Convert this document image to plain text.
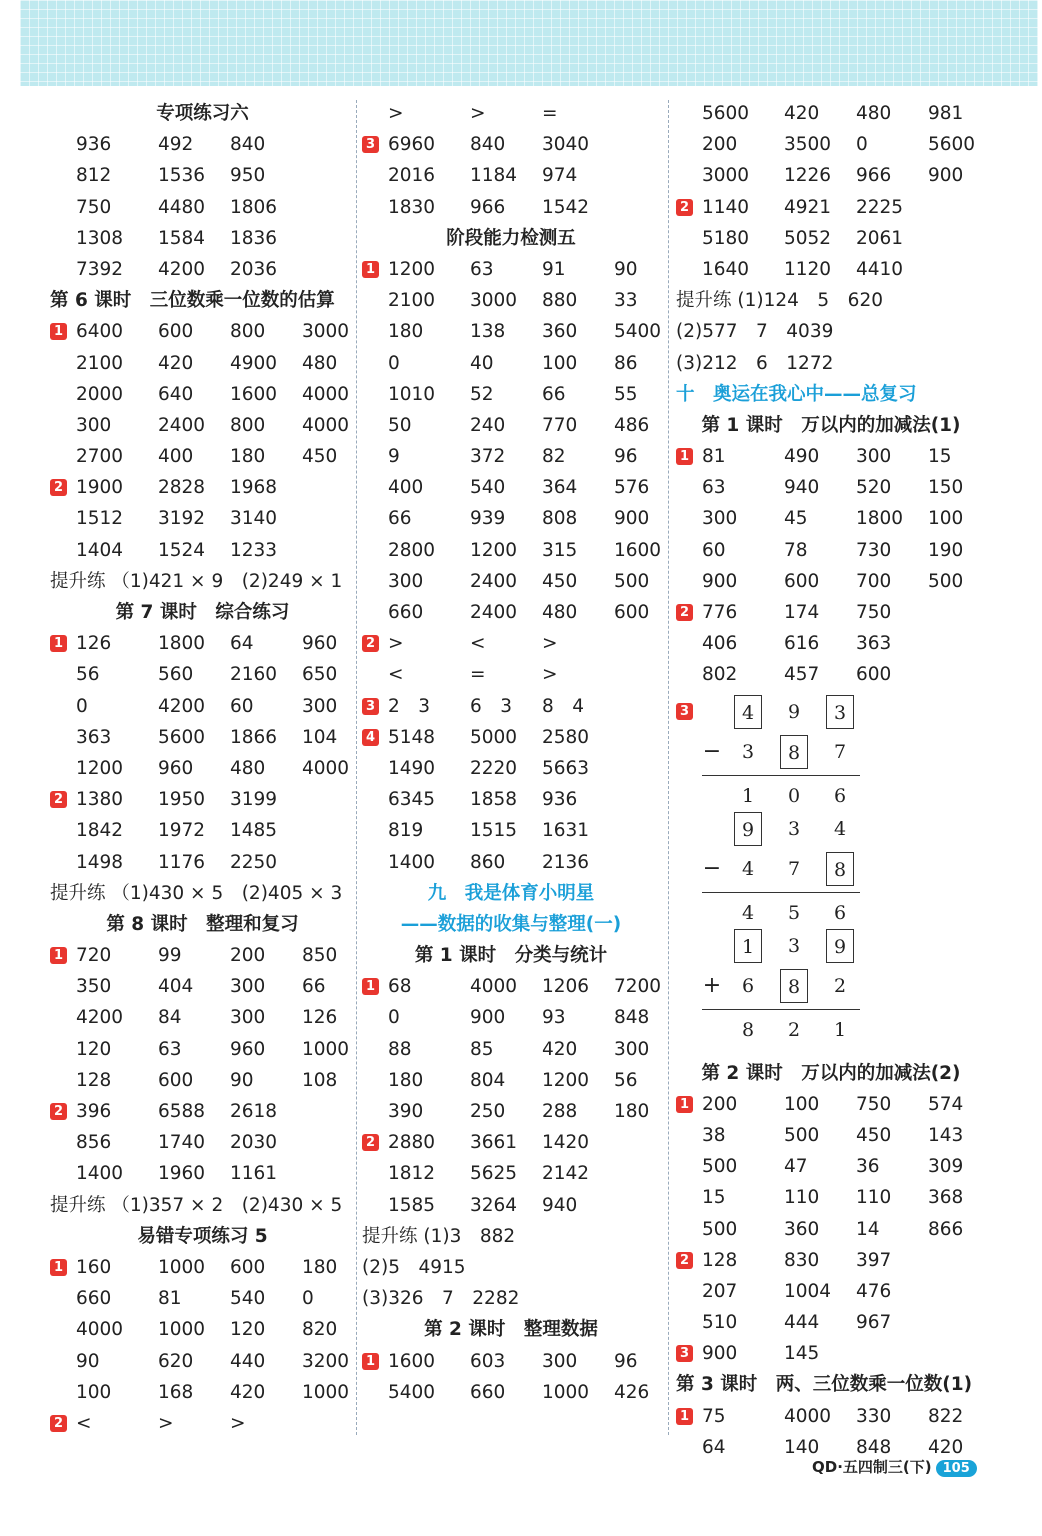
专项练习六
936	492 840
812	1536 950
750	4480 1806
1308 1584 1836
7392 4200 2036
第 6 课时　三位数乘一位数的估算
1 6400 600 800 3000
2100 420 4900 480
2000 640 1600 4000
300	2400 800 4000
2700 400 180 450
2 1900 2828 1968
1512 3192 3140
1404 1524 1233
提升练 （1)421 × 9　(2)249 × 1
第 7 课时　综合练习
1 126	1800 64	960
56	560 2160 650
0	4200 60	300
363	5600 1866 104
1200 960 480 4000
2 1380 1950 3199
1842 1972 1485
1498 1176 2250
提升练 （1)430 × 5　(2)405 × 3
第 8 课时　整理和复习
1 720	99	200 850
350	404 300 66
4200 84	300 126
120	63	960 1000
128	600 90	108
2 396	6588 2618
856	1740 2030
1400 1960 1161
提升练 （1)357 × 2　(2)430 × 5
易错专项练习 5
1 160	1000 600 180
660	81	540 0
4000 1000 120 820
90	620 440 3200
100	168 420 1000
2 <	>	>
>	>	=
3 6960 840 3040
2016 1184 974
1830 966 1542
阶段能力检测五
1 1200 63	91	90
2100 3000 880 33
180	138 360 5400
0	40	100 86
1010 52	66	55
50	240 770 486
9	372 82	96
400	540 364 576
66	939 808 900
2800 1200 315 1600
300	2400 450 500
660	2400 480 600
2 >	<	>
<	=	>
3 2　3 6　3 8　4
4 5148 5000 2580
1490 2220 5663
6345 1858 936
819	1515 1631
1400 860 2136
九　我是体育小明星
——数据的收集与整理(一)
第 1 课时　分类与统计
1 68	4000 1206 7200
0	900 93	848
88	85	420 300
180	804 1200 56
390	250 288 180
2 2880 3661 1420
1812 5625 2142
1585 3264 940
提升练 (1)3　882
(2)5　4915
(3)326　7　2282
第 2 课时　整理数据
1 1600 603 300 96
5400 660 1000 426
5600 420 480 981
200	3500 0	5600
3000 1226 966 900
2 1140 4921 2225
5180 5052 2061
1640 1120 4410
提升练 (1)124　5　620
(2)577　7　4039
(3)212　6　1272
十　奥运在我心中——总复习
第 1 课时　万以内的加减法(1)
1 81	490 300 15
63	940 520 150
300	45	1800 100
60	78	730 190
900	600 700 500
2 776	174 750
406	616 363
802	457 600
3	4	9	3
−	3	8	7
1	0	6
9	3	4
−	4	7	8
4	5	6
1	3	9
+	6	8	2
8	2	1
第 2 课时　万以内的加减法(2)
1 200	100 750 574
38	500 450 143
500	47	36	309
15	110 110 368
500	360 14	866
2 128	830 397
207	1004 476
510	444 967
3 900	145
第 3 课时　两、三位数乘一位数(1)
1 75	4000 330 822
64	140 848 420
QD·五四制三(下) 105
